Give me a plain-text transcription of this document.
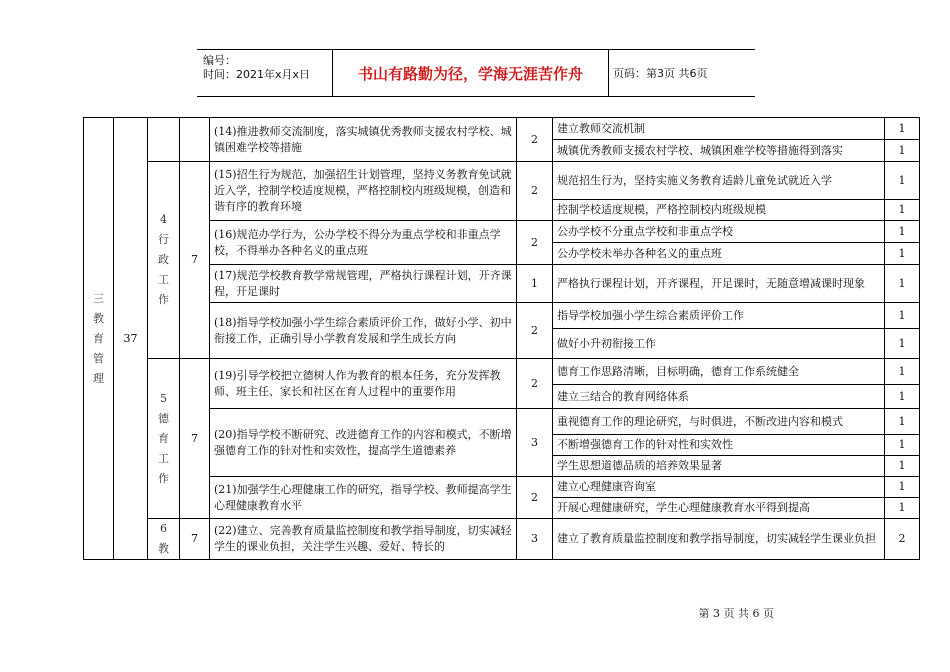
编号：
时间：2021年x月x日	书山有路勤为径，学海无涯苦作舟	页码：第3页 共6页
三教育管理	37			(14)推进教师交流制度，落实城镇优秀教师支援农村学校、城镇困难学校等措施	2	建立教师交流机制	1
						城镇优秀教师支援农村学校、城镇困难学校等措施得到落实	1
		4行政工作	7	(15)招生行为规范，加强招生计划管理，坚持义务教育免试就近入学，控制学校适度规模，严格控制校内班级规模，创造和谐有序的教育环境	2	规范招生行为，坚持实施义务教育适龄儿童免试就近入学	1
						控制学校适度规模，严格控制校内班级规模	1
				(16)规范办学行为，公办学校不得分为重点学校和非重点学校，不得举办各种名义的重点班	2	公办学校不分重点学校和非重点学校	1
						公办学校未举办各种名义的重点班	1
				(17)规范学校教育教学常规管理，严格执行课程计划，开齐课程，开足课时	1	严格执行课程计划，开齐课程，开足课时，无随意增减课时现象	1
				(18)指导学校加强小学生综合素质评价工作，做好小学、初中衔接工作，正确引导小学教育发展和学生成长方向	2	指导学校加强小学生综合素质评价工作	1
						做好小升初衔接工作	1
		5德育工作	7	(19)引导学校把立德树人作为教育的根本任务，充分发挥教师、班主任、家长和社区在育人过程中的重要作用	2	德育工作思路清晰，目标明确，德育工作系统健全	1
						建立三结合的教育网络体系	1
				(20)指导学校不断研究、改进德育工作的内容和模式，不断增强德育工作的针对性和实效性，提高学生道德素养	3	重视德育工作的理论研究，与时俱进，不断改进内容和模式	1
						不断增强德育工作的针对性和实效性	1
						学生思想道德品质的培养效果显著	1
				(21)加强学生心理健康工作的研究，指导学校、教师提高学生心理健康教育水平	2	建立心理健康咨询室	1
						开展心理健康研究，学生心理健康教育水平得到提高	1
		6教	7	(22)建立、完善教育质量监控制度和教学指导制度，切实减轻学生的课业负担，关注学生兴趣、爱好、特长的	3	建立了教育质量监控制度和教学指导制度，切实减轻学生课业负担	2
第 3 页 共 6 页
